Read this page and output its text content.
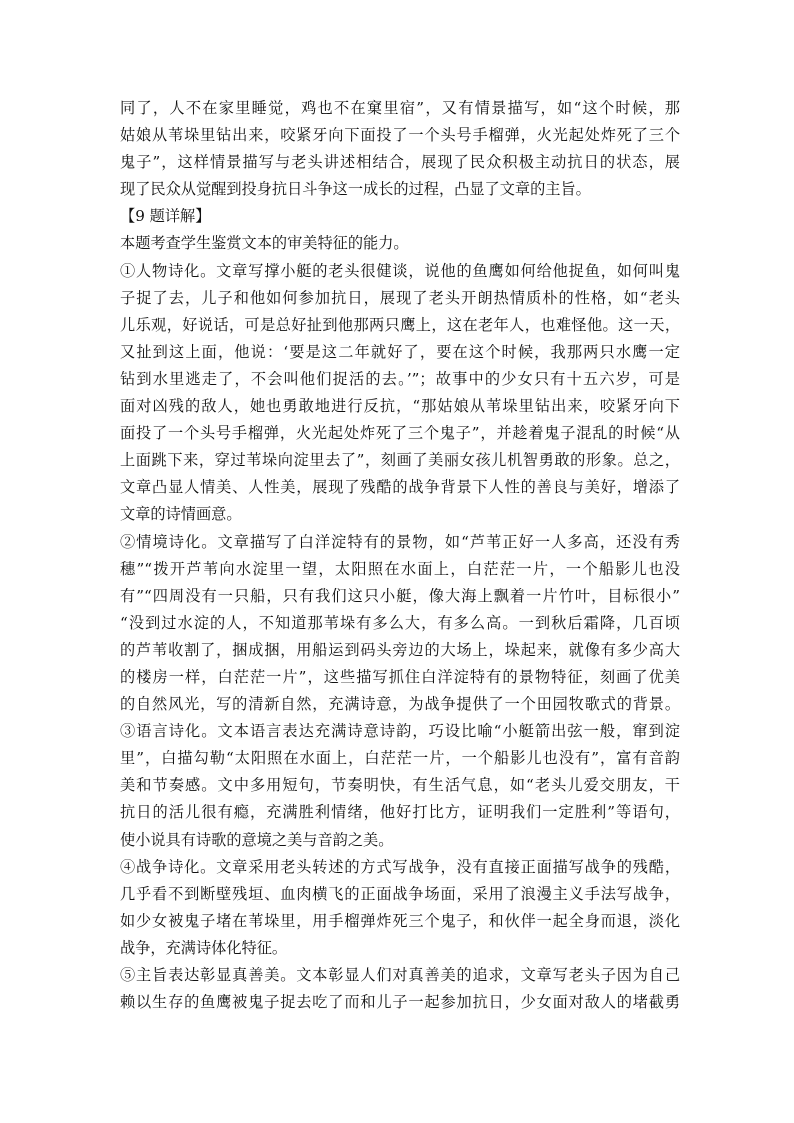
同了，人不在家里睡觉，鸡也不在窠里宿”，又有情景描写，如“这个时候，那
姑娘从苇垛里钻出来，咬紧牙向下面投了一个头号手榴弹，火光起处炸死了三个
鬼子”，这样情景描写与老头讲述相结合，展现了民众积极主动抗日的状态，展
现了民众从觉醒到投身抗日斗争这一成长的过程，凸显了文章的主旨。
【9 题详解】
本题考查学生鉴赏文本的审美特征的能力。
①人物诗化。文章写撑小艇的老头很健谈，说他的鱼鹰如何给他捉鱼，如何叫鬼
子捉了去，儿子和他如何参加抗日，展现了老头开朗热情质朴的性格，如“老头
儿乐观，好说话，可是总好扯到他那两只鹰上，这在老年人，也难怪他。这一天，
又扯到这上面，他说：‘要是这二年就好了，要在这个时候，我那两只水鹰一定
钻到水里逃走了，不会叫他们捉活的去。’”；故事中的少女只有十五六岁，可是
面对凶残的敌人，她也勇敢地进行反抗，“那姑娘从苇垛里钻出来，咬紧牙向下
面投了一个头号手榴弹，火光起处炸死了三个鬼子”，并趁着鬼子混乱的时候“从
上面跳下来，穿过苇垛向淀里去了”，刻画了美丽女孩儿机智勇敢的形象。总之，
文章凸显人情美、人性美，展现了残酷的战争背景下人性的善良与美好，增添了
文章的诗情画意。
②情境诗化。文章描写了白洋淀特有的景物，如“芦苇正好一人多高，还没有秀
穗”“拨开芦苇向水淀里一望，太阳照在水面上，白茫茫一片，一个船影儿也没
有”“四周没有一只船，只有我们这只小艇，像大海上飘着一片竹叶，目标很小”
“没到过水淀的人，不知道那苇垛有多么大，有多么高。一到秋后霜降，几百顷
的芦苇收割了，捆成捆，用船运到码头旁边的大场上，垛起来，就像有多少高大
的楼房一样，白茫茫一片”，这些描写抓住白洋淀特有的景物特征，刻画了优美
的自然风光，写的清新自然，充满诗意，为战争提供了一个田园牧歌式的背景。
③语言诗化。文本语言表达充满诗意诗韵，巧设比喻“小艇箭出弦一般，窜到淀
里”，白描勾勒“太阳照在水面上，白茫茫一片，一个船影儿也没有”，富有音韵
美和节奏感。文中多用短句，节奏明快，有生活气息，如“老头儿爱交朋友，干
抗日的活儿很有瘾，充满胜利情绪，他好打比方，证明我们一定胜利”等语句，
使小说具有诗歌的意境之美与音韵之美。
④战争诗化。文章采用老头转述的方式写战争，没有直接正面描写战争的残酷，
几乎看不到断壁残垣、血肉横飞的正面战争场面，采用了浪漫主义手法写战争，
如少女被鬼子堵在苇垛里，用手榴弹炸死三个鬼子，和伙伴一起全身而退，淡化
战争，充满诗体化特征。
⑤主旨表达彰显真善美。文本彰显人们对真善美的追求，文章写老头子因为自己
赖以生存的鱼鹰被鬼子捉去吃了而和儿子一起参加抗日，少女面对敌人的堵截勇
